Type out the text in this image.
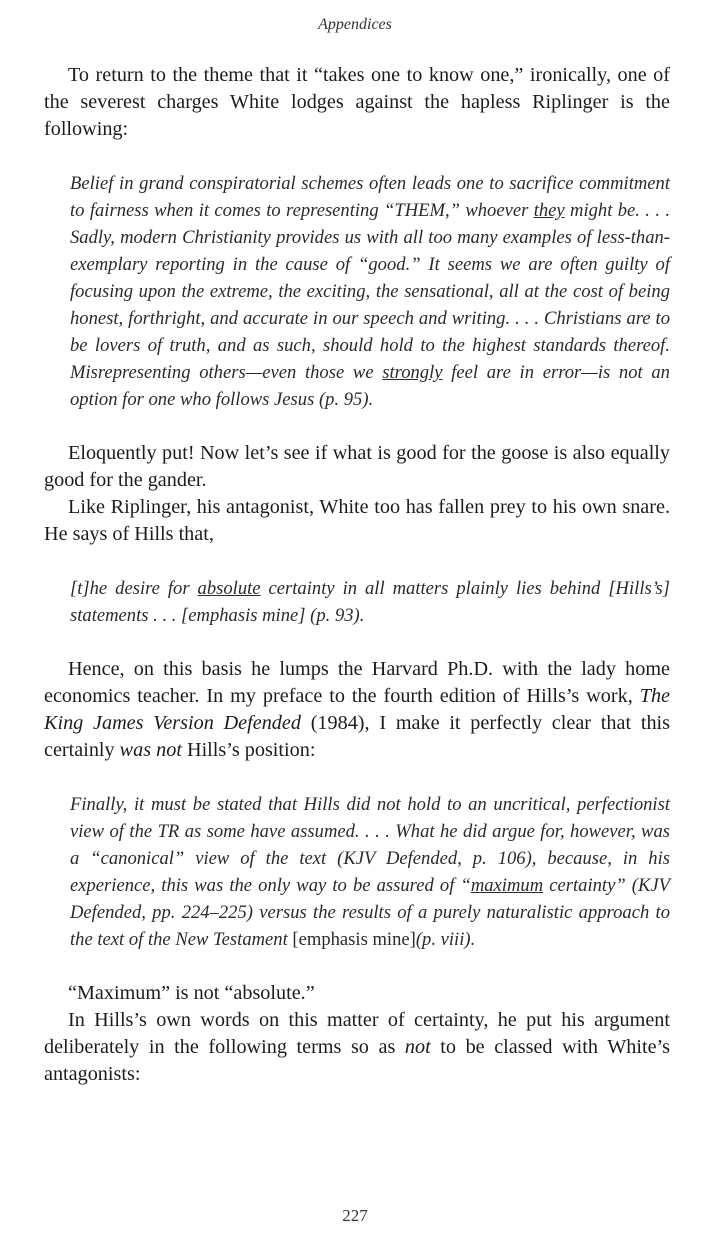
Appendices

To return to the theme that it “takes one to know one,” ironically, one of the severest charges White lodges against the hapless Riplinger is the following:

Belief in grand conspiratorial schemes often leads one to sacrifice commitment to fairness when it comes to representing “THEM,” whoever they might be. . . . Sadly, modern Christianity provides us with all too many examples of less-than-exemplary reporting in the cause of “good.” It seems we are often guilty of focusing upon the extreme, the exciting, the sensational, all at the cost of being honest, forthright, and accurate in our speech and writing. . . . Christians are to be lovers of truth, and as such, should hold to the highest standards thereof. Misrepresenting others—even those we strongly feel are in error—is not an option for one who follows Jesus (p. 95).

Eloquently put! Now let’s see if what is good for the goose is also equally good for the gander.

Like Riplinger, his antagonist, White too has fallen prey to his own snare. He says of Hills that,

[t]he desire for absolute certainty in all matters plainly lies behind [Hills’s] statements . . . [emphasis mine] (p. 93).

Hence, on this basis he lumps the Harvard Ph.D. with the lady home economics teacher. In my preface to the fourth edition of Hills’s work, The King James Version Defended (1984), I make it perfectly clear that this certainly was not Hills’s position:

Finally, it must be stated that Hills did not hold to an uncritical, perfectionist view of the TR as some have assumed. . . . What he did argue for, however, was a “canonical” view of the text (KJV Defended, p. 106), because, in his experience, this was the only way to be assured of “maximum certainty” (KJV Defended, pp. 224–225) versus the results of a purely naturalistic approach to the text of the New Testament [emphasis mine](p. viii).

“Maximum” is not “absolute.”

In Hills’s own words on this matter of certainty, he put his argument deliberately in the following terms so as not to be classed with White’s antagonists:

227
